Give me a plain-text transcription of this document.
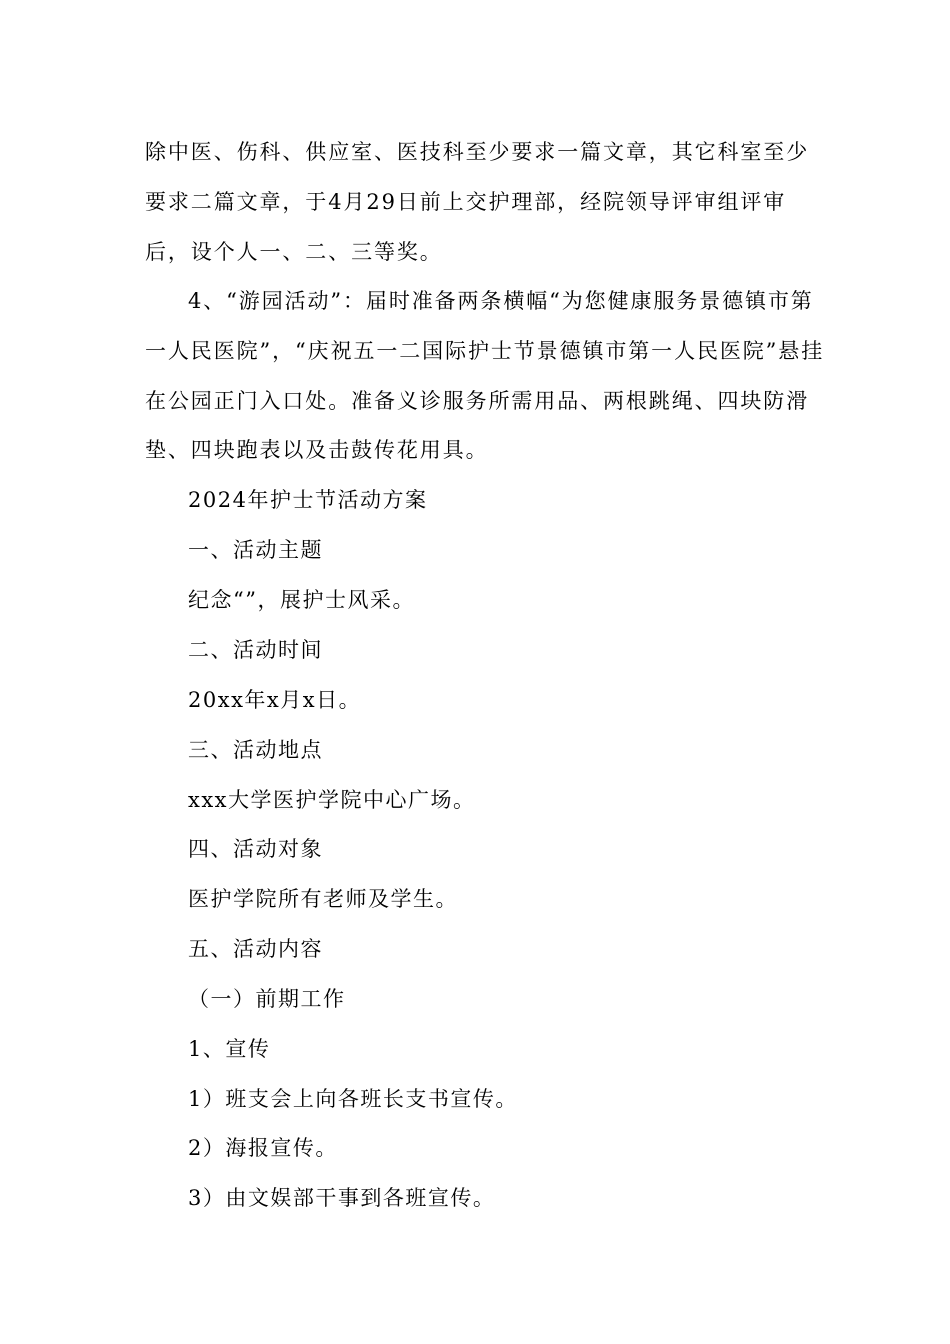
除中医、伤科、供应室、医技科至少要求一篇文章，其它科室至少要求二篇文章，于4月29日前上交护理部，经院领导评审组评审后，设个人一、二、三等奖。

4、“游园活动”：届时准备两条横幅“为您健康服务景德镇市第一人民医院”，“庆祝五一二国际护士节景德镇市第一人民医院”悬挂在公园正门入口处。准备义诊服务所需用品、两根跳绳、四块防滑垫、四块跑表以及击鼓传花用具。

2024年护士节活动方案

一、活动主题

纪念“”，展护士风采。

二、活动时间

20xx年x月x日。

三、活动地点

xxx大学医护学院中心广场。

四、活动对象

医护学院所有老师及学生。

五、活动内容

（一）前期工作

1、宣传

1）班支会上向各班长支书宣传。

2）海报宣传。

3）由文娱部干事到各班宣传。
